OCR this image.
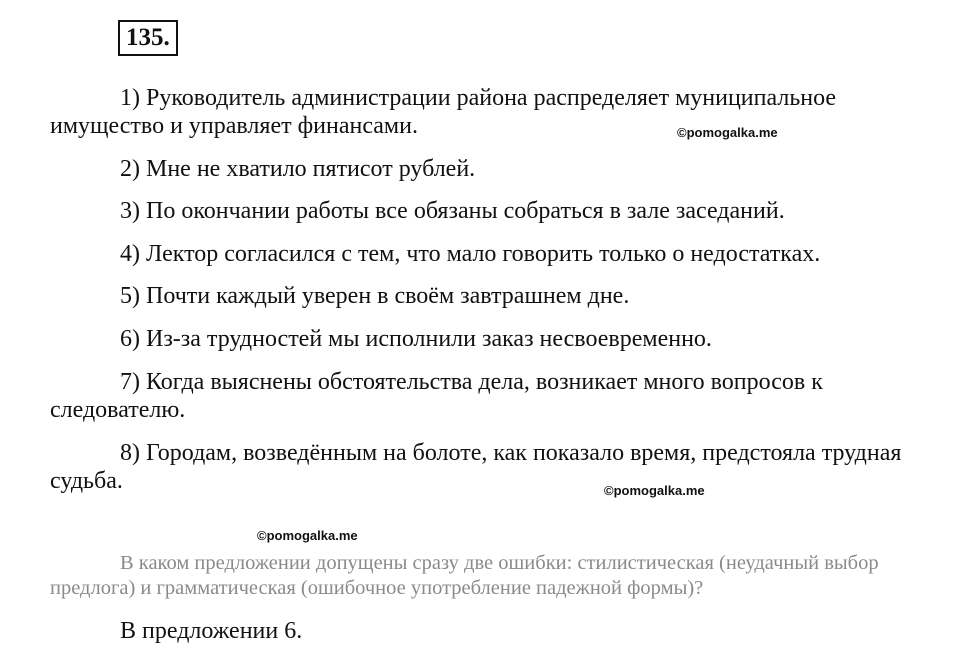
135.

1) Руководитель администрации района распределяет муниципальное имущество и управляет финансами.

2) Мне не хватило пятисот рублей.

3) По окончании работы все обязаны собраться в зале заседаний.

4) Лектор согласился с тем, что мало говорить только о недостатках.

5) Почти каждый уверен в своём завтрашнем дне.

6) Из-за трудностей мы исполнили заказ несвоевременно.

7) Когда выяснены обстоятельства дела, возникает много вопросов к следователю.

8) Городам, возведённым на болоте, как показало время, предстояла трудная судьба.

©pomogalka.me
©pomogalka.me
©pomogalka.me

В каком предложении допущены сразу две ошибки: стилистическая (неудачный выбор предлога) и грамматическая (ошибочное употребление падежной формы)?

В предложении 6.
